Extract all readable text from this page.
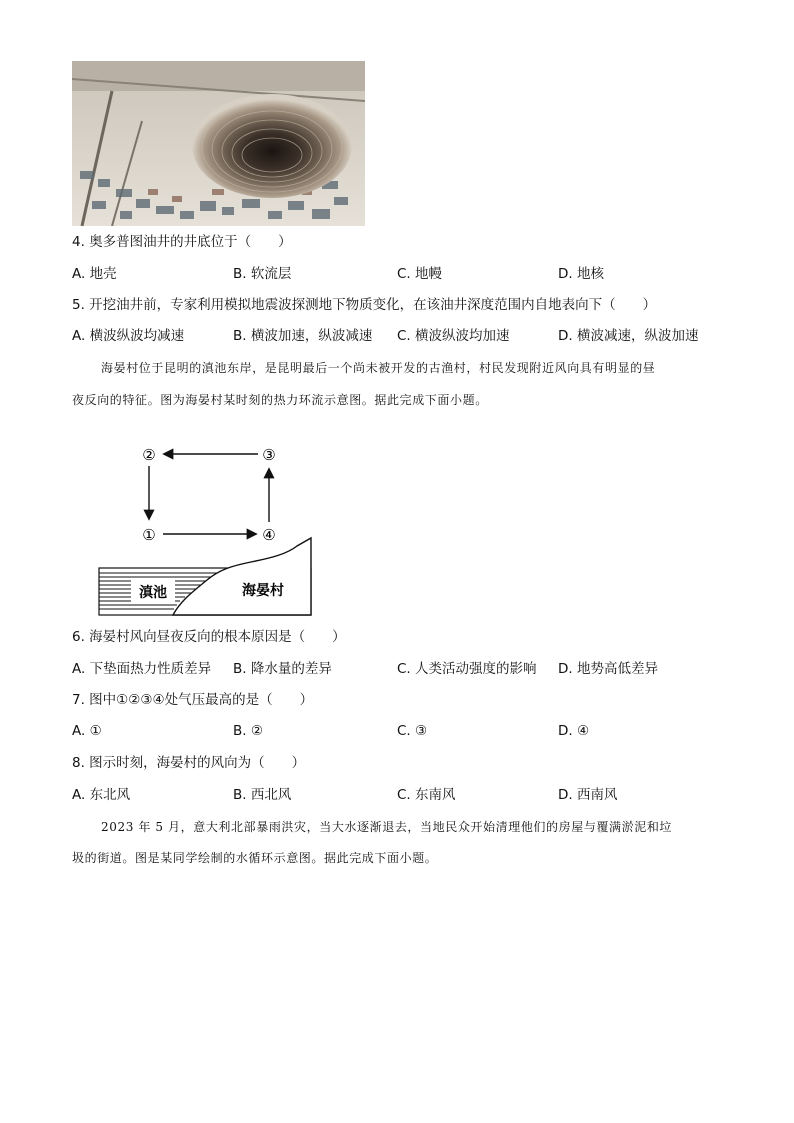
4. 奥多普图油井的井底位于（　　）
A. 地壳	B. 软流层	C. 地幔	D. 地核
5. 开挖油井前，专家利用模拟地震波探测地下物质变化，在该油井深度范围内自地表向下（　　）
A. 横波纵波均减速	B. 横波加速，纵波减速 C. 横波纵波均加速	D. 横波减速，纵波加速
海晏村位于昆明的滇池东岸，是昆明最后一个尚未被开发的古渔村，村民发现附近风向具有明显的昼
夜反向的特征。图为海晏村某时刻的热力环流示意图。据此完成下面小题。
②	③
①	④
滇池	海晏村
6. 海晏村风向昼夜反向的根本原因是（　　）
A. 下垫面热力性质差异 B. 降水量的差异	C. 人类活动强度的影响 D. 地势高低差异
7. 图中①②③④处气压最高的是（　　）
A. ①	B. ②	C. ③	D. ④
8. 图示时刻，海晏村的风向为（　　）
A. 东北风	B. 西北风	C. 东南风	D. 西南风
2023 年 5 月，意大利北部暴雨洪灾，当大水逐渐退去，当地民众开始清理他们的房屋与覆满淤泥和垃
圾的街道。图是某同学绘制的水循环示意图。据此完成下面小题。
